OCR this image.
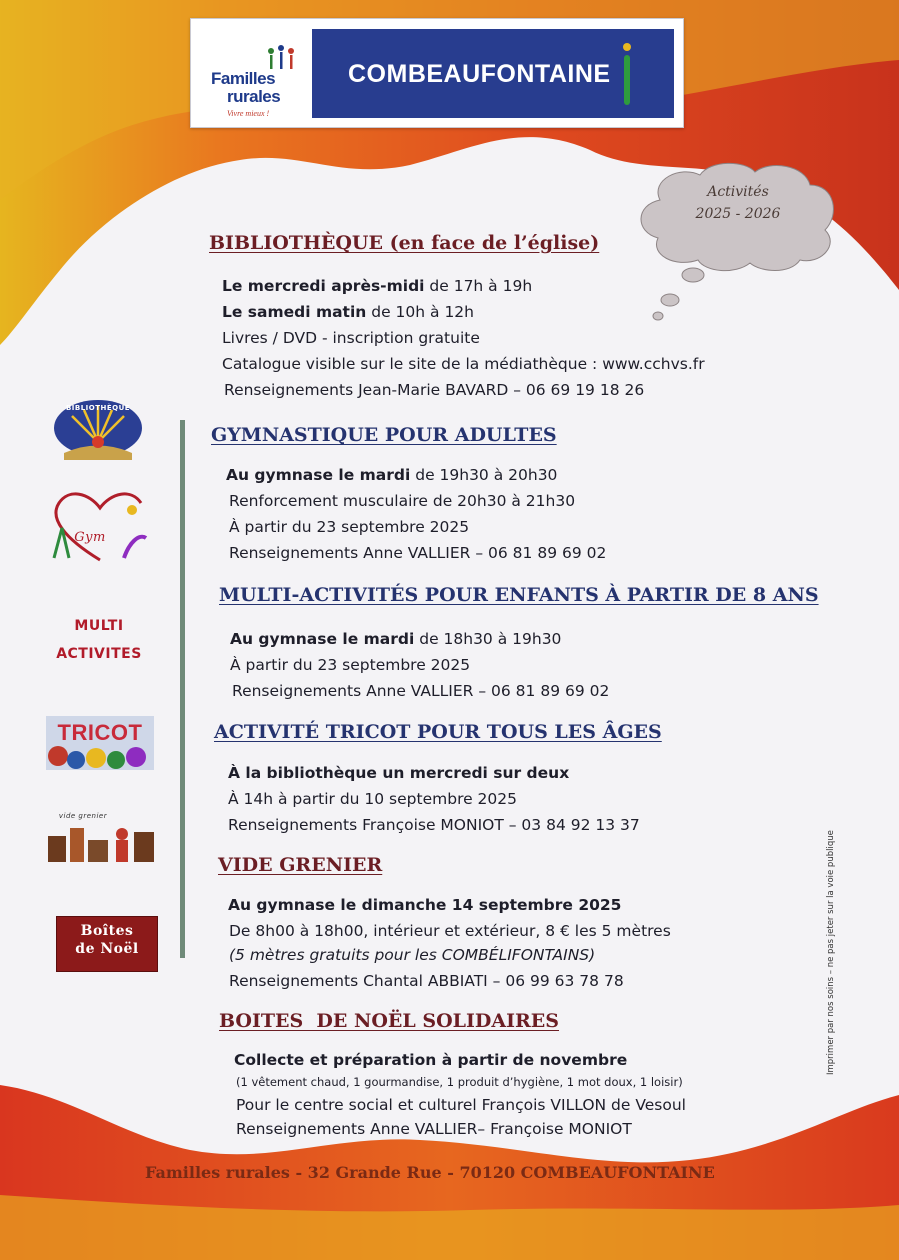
Familles
rurales
Vivre mieux !
COMBEAUFONTAINE
Activités
2025 - 2026
BIBLIOTHÈQUE (en face de l’église)
Le mercredi après-midi de 17h à 19h
Le samedi matin de 10h à 12h
Livres / DVD - inscription gratuite
Catalogue visible sur le site de la médiathèque : www.cchvs.fr
Renseignements Jean-Marie BAVARD – 06 69 19 18 26
GYMNASTIQUE POUR ADULTES
Au gymnase le mardi de 19h30 à 20h30
Renforcement musculaire de 20h30 à 21h30
À partir du 23 septembre 2025
Renseignements Anne VALLIER – 06 81 89 69 02
MULTI-ACTIVITÉS POUR ENFANTS À PARTIR DE 8 ANS
Au gymnase le mardi de 18h30 à 19h30
À partir du 23 septembre 2025
Renseignements Anne VALLIER – 06 81 89 69 02
ACTIVITÉ TRICOT POUR TOUS LES ÂGES
À la bibliothèque un mercredi sur deux
À 14h à partir du 10 septembre 2025
Renseignements Françoise MONIOT – 03 84 92 13 37
VIDE GRENIER
Au gymnase le dimanche 14 septembre 2025
De 8h00 à 18h00, intérieur et extérieur, 8 € les 5 mètres
(5 mètres gratuits pour les COMBÉLIFONTAINS)
Renseignements Chantal ABBIATI – 06 99 63 78 78
BOITES  DE NOËL SOLIDAIRES
Collecte et préparation à partir de novembre
(1 vêtement chaud, 1 gourmandise, 1 produit d’hygiène, 1 mot doux, 1 loisir)
Pour le centre social et culturel François VILLON de Vesoul
Renseignements Anne VALLIER– Françoise MONIOT
BIBLIOTHÈQUE
Gym
MULTI
ACTIVITES
TRICOT
vide grenier
Boîtes
de Noël	Imprimer par nos soins – ne pas jeter sur la voie publique
Familles rurales - 32 Grande Rue - 70120 COMBEAUFONTAINE
